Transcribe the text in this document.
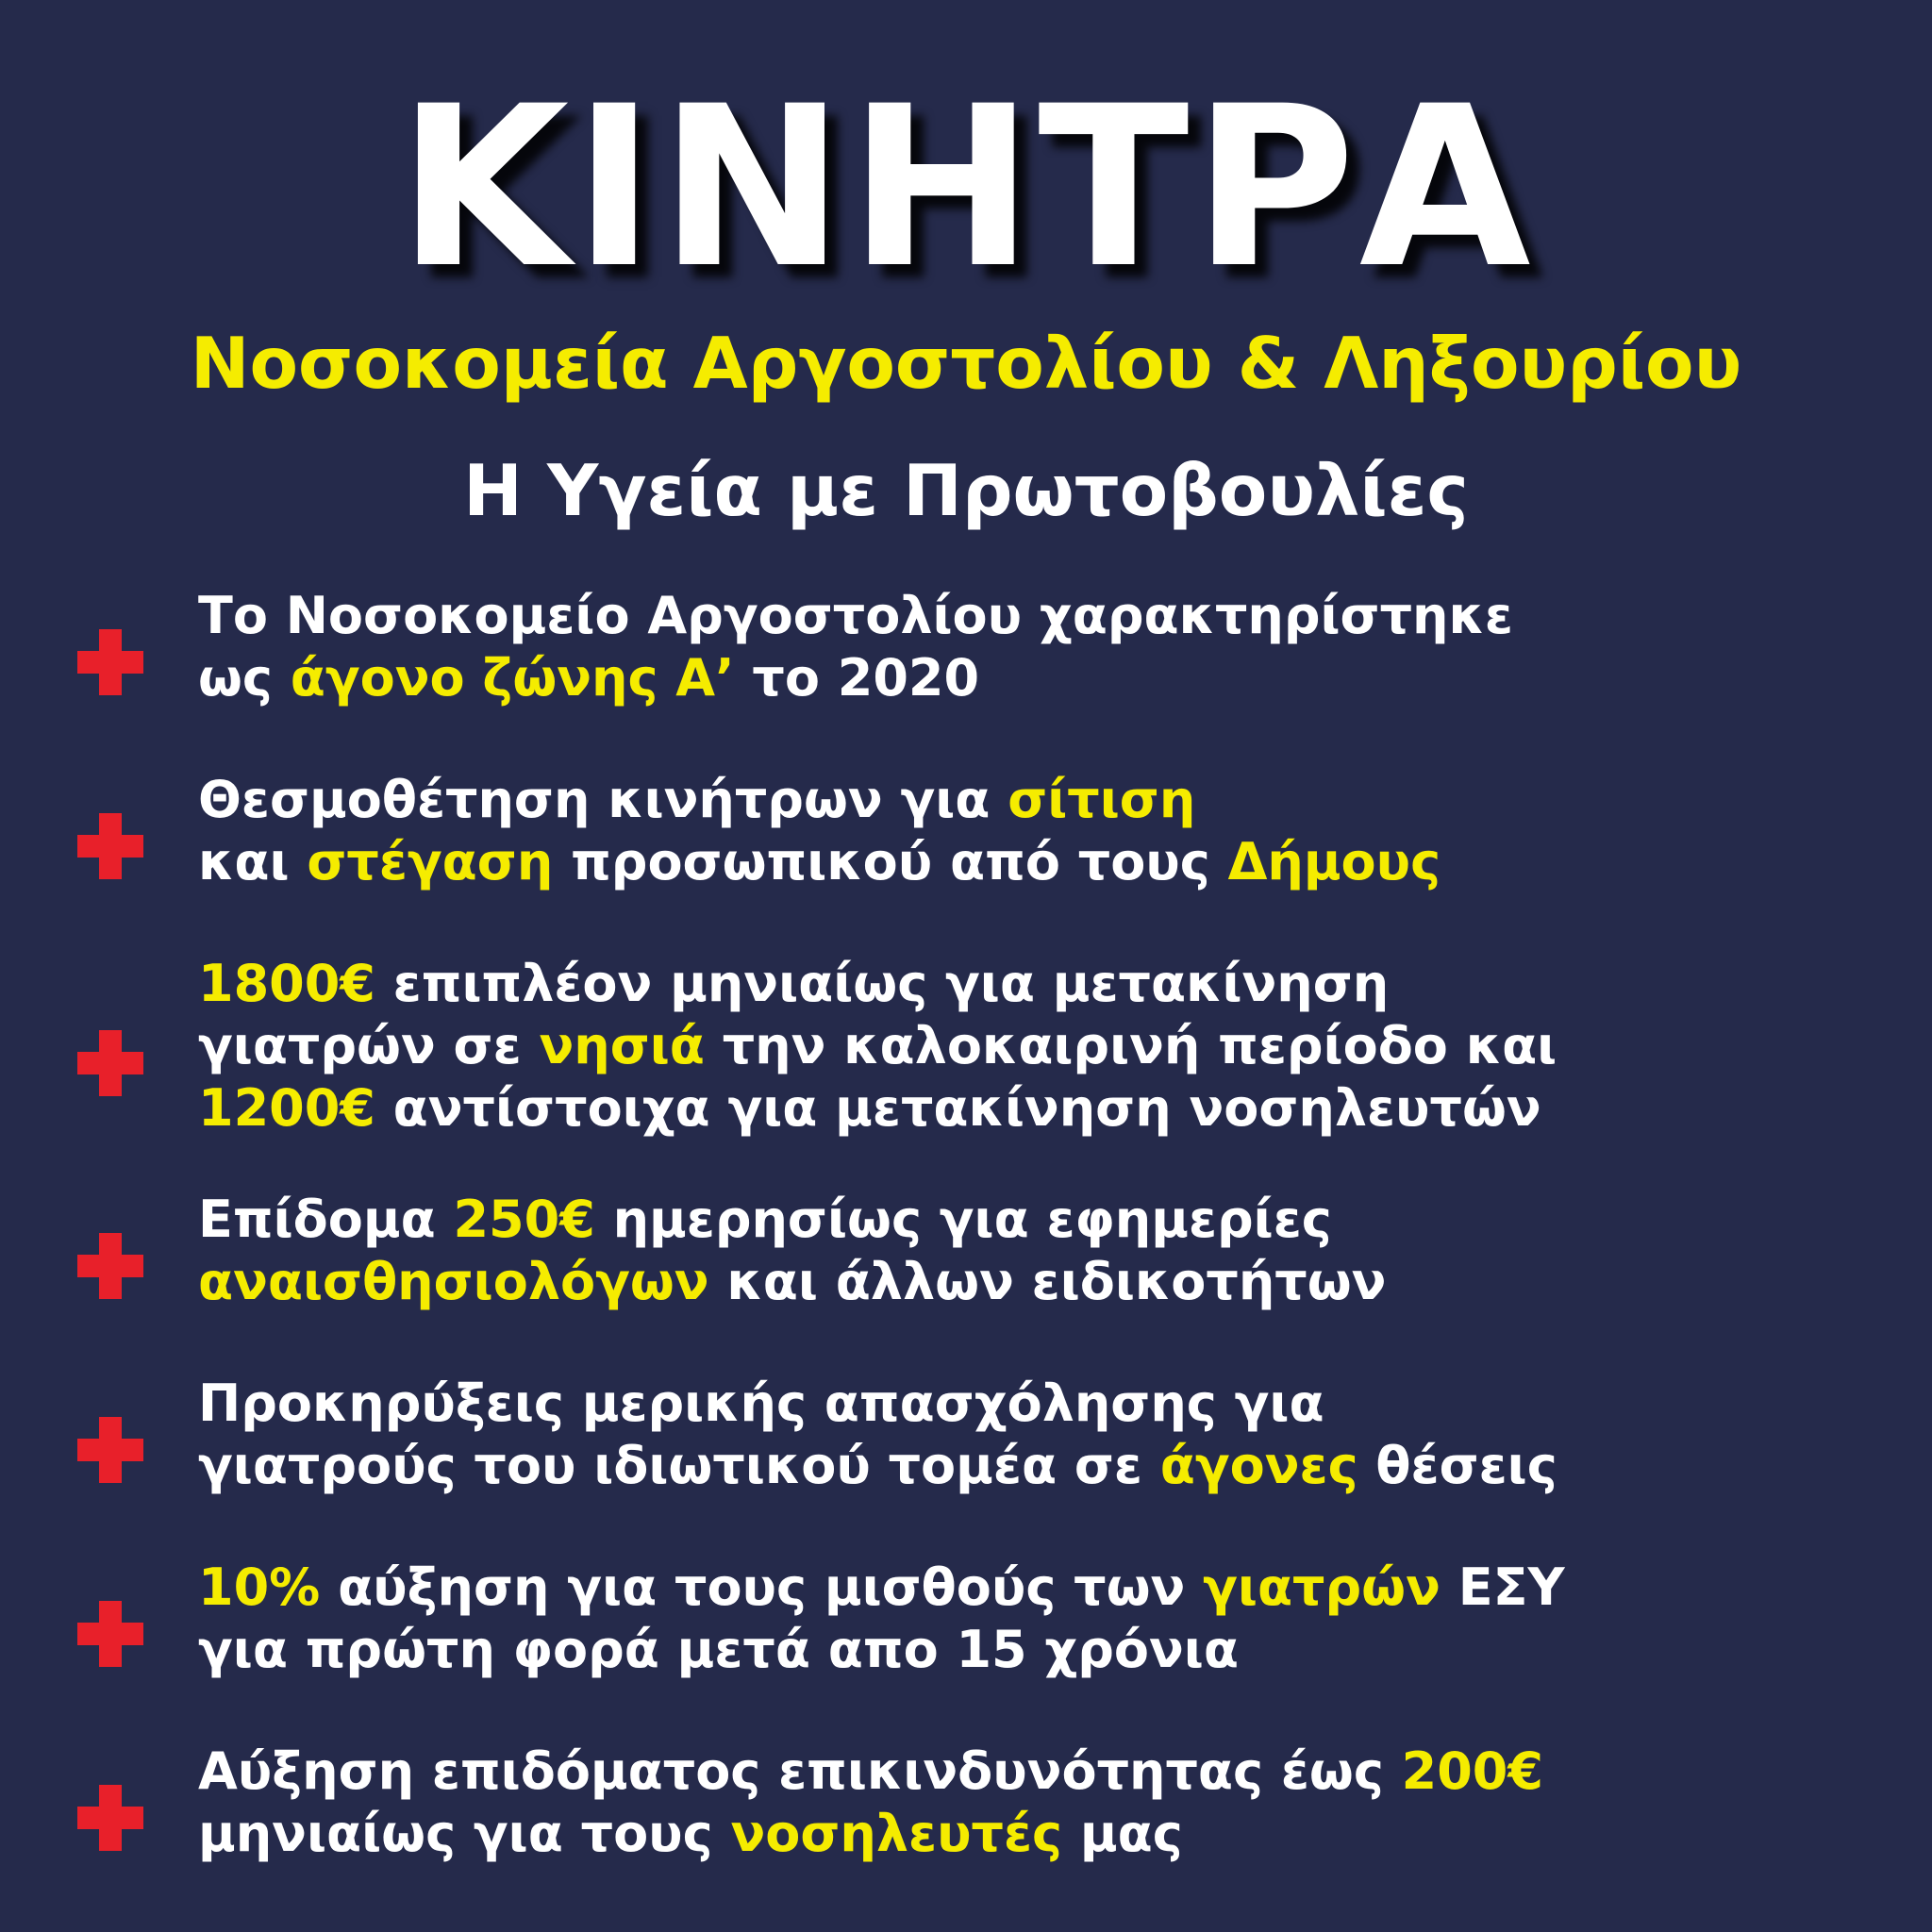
ΚΙΝΗΤΡΑ
Νοσοκομεία Αργοστολίου & Ληξουρίου
Η Υγεία με Πρωτοβουλίες
Το Νοσοκομείο Αργοστολίου χαρακτηρίστηκε
ως άγονο ζώνης Α’ το 2020
Θεσμοθέτηση κινήτρων για σίτιση
και στέγαση προσωπικού από τους Δήμους
1800€ επιπλέον μηνιαίως για μετακίνηση
γιατρών σε νησιά την καλοκαιρινή περίοδο και
1200€ αντίστοιχα για μετακίνηση νοσηλευτών
Επίδομα 250€ ημερησίως για εφημερίες
αναισθησιολόγων και άλλων ειδικοτήτων
Προκηρύξεις μερικής απασχόλησης για
γιατρούς του ιδιωτικού τομέα σε άγονες θέσεις
10% αύξηση για τους μισθούς των γιατρών ΕΣΥ
για πρώτη φορά μετά απο 15 χρόνια
Αύξηση επιδόματος επικινδυνότητας έως 200€
μηνιαίως για τους νοσηλευτές μας
